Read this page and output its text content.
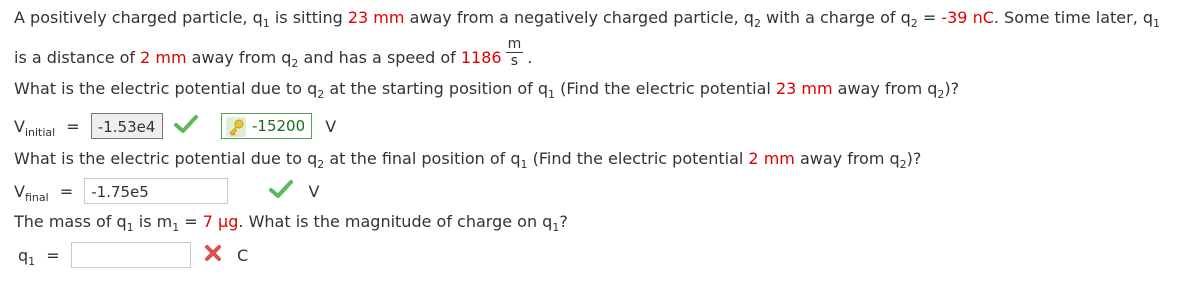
A positively charged particle, $q_1$ is sitting 23 mm away from a negatively charged particle, $q_2$ with a charge of $q_2 = -39$ nC. Some time later, $q_1$
is a distance of 2 mm away from $q_2$ and has a speed of $1186 \frac{m}{s}$ .
What is the electric potential due to $q_2$ at the starting position of $q_1$ (Find the electric potential 23 mm away from $q_2$)?
$V_{initial} = -1.53e4$	-15200 V
What is the electric potential due to $q_2$ at the final position of $q_1$ (Find the electric potential 2 mm away from $q_2$)?
$V_{final} = -1.75e5$	V
The mass of $q_1$ is $m_1 = 7$ µg. What is the magnitude of charge on $q_1$?
$q_1$ =	C
